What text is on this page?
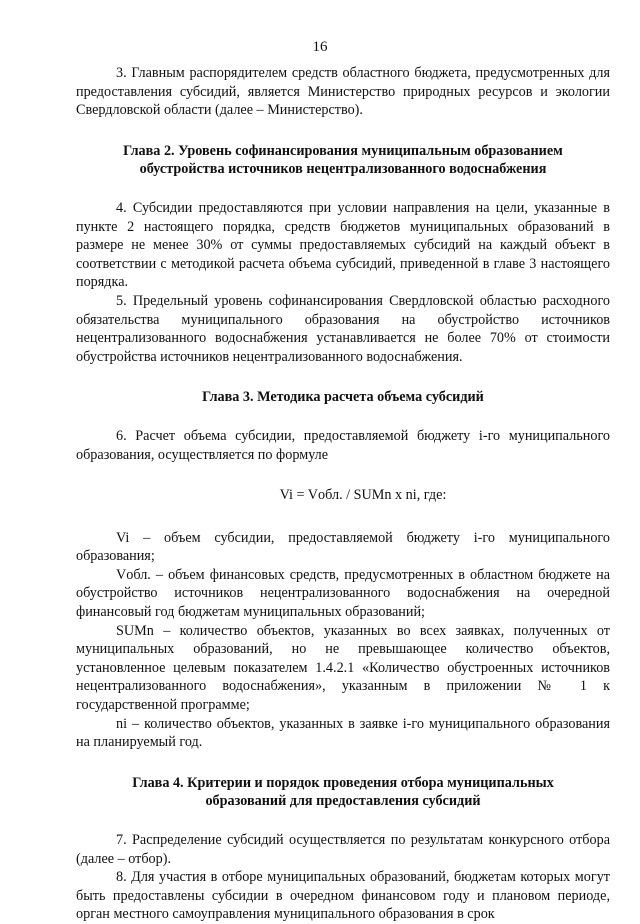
16

3. Главным распорядителем средств областного бюджета, предусмотренных для предоставления субсидий, является Министерство природных ресурсов и экологии Свердловской области (далее – Министерство).

Глава 2. Уровень софинансирования муниципальным образованием
обустройства источников нецентрализованного водоснабжения

4. Субсидии предоставляются при условии направления на цели, указанные в пункте 2 настоящего порядка, средств бюджетов муниципальных образований в размере не менее 30% от суммы предоставляемых субсидий на каждый объект в соответствии с методикой расчета объема субсидий, приведенной в главе 3 настоящего порядка.

5. Предельный уровень софинансирования Свердловской областью расходного обязательства муниципального образования на обустройство источников нецентрализованного водоснабжения устанавливается не более 70% от стоимости обустройства источников нецентрализованного водоснабжения.

Глава 3. Методика расчета объема субсидий

6. Расчет объема субсидии, предоставляемой бюджету i-го муниципального образования, осуществляется по формуле

Vi = Vобл. / SUMn x ni, где:

Vi – объем субсидии, предоставляемой бюджету i-го муниципального образования;

Vобл. – объем финансовых средств, предусмотренных в областном бюджете на обустройство источников нецентрализованного водоснабжения на очередной финансовый год бюджетам муниципальных образований;

SUMn – количество объектов, указанных во всех заявках, полученных от муниципальных образований, но не превышающее количество объектов, установленное целевым показателем 1.4.2.1 «Количество обустроенных источников нецентрализованного водоснабжения», указанным в приложении № 1 к государственной программе;

ni – количество объектов, указанных в заявке i-го муниципального образования на планируемый год.

Глава 4. Критерии и порядок проведения отбора муниципальных
образований для предоставления субсидий

7. Распределение субсидий осуществляется по результатам конкурсного отбора (далее – отбор).

8. Для участия в отборе муниципальных образований, бюджетам которых могут быть предоставлены субсидии в очередном финансовом году и плановом периоде, орган местного самоуправления муниципального образования в срок
